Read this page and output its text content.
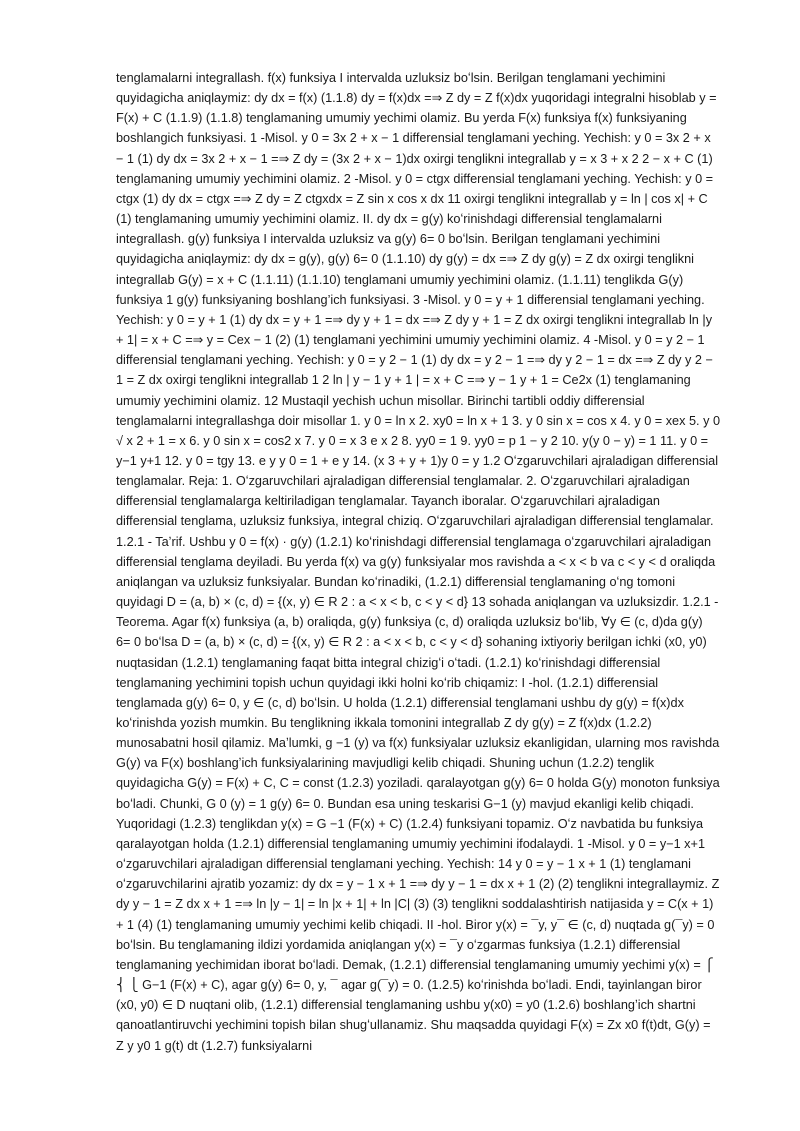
tenglamalarni integrallash. f(x) funksiya I intervalda uzluksiz boʻlsin. Berilgan tenglamani yechimini quyidagicha aniqlaymiz: dy dx = f(x) (1.1.8) dy = f(x)dx =⇒ Z dy = Z f(x)dx yuqoridagi integralni hisoblab y = F(x) + C (1.1.9) (1.1.8) tenglamaning umumiy yechimi olamiz. Bu yerda F(x) funksiya f(x) funksiyaning boshlangich funksiyasi. 1 -Misol. y 0 = 3x 2 + x − 1 differensial tenglamani yeching. Yechish: y 0 = 3x 2 + x − 1 (1) dy dx = 3x 2 + x − 1 =⇒ Z dy = (3x 2 + x − 1)dx oxirgi tenglikni integrallab y = x 3 + x 2 2 − x + C (1) tenglamaning umumiy yechimini olamiz. 2 -Misol. y 0 = ctgx differensial tenglamani yeching. Yechish: y 0 = ctgx (1) dy dx = ctgx =⇒ Z dy = Z ctgxdx = Z sin x cos x dx 11 oxirgi tenglikni integrallab y = ln | cos x| + C (1) tenglamaning umumiy yechimini olamiz. II. dy dx = g(y) koʻrinishdagi differensial tenglamalarni integrallash. g(y) funksiya I intervalda uzluksiz va g(y) 6= 0 boʻlsin. Berilgan tenglamani yechimini quyidagicha aniqlaymiz: dy dx = g(y), g(y) 6= 0 (1.1.10) dy g(y) = dx =⇒ Z dy g(y) = Z dx oxirgi tenglikni integrallab G(y) = x + C (1.1.11) (1.1.10) tenglamani umumiy yechimini olamiz. (1.1.11) tenglikda G(y) funksiya 1 g(y) funksiyaning boshlang’ich funksiyasi. 3 -Misol. y 0 = y + 1 differensial tenglamani yeching. Yechish: y 0 = y + 1 (1) dy dx = y + 1 =⇒ dy y + 1 = dx =⇒ Z dy y + 1 = Z dx oxirgi tenglikni integrallab ln |y + 1| = x + C =⇒ y = Cex − 1 (2) (1) tenglamani yechimini umumiy yechimini olamiz. 4 -Misol. y 0 = y 2 − 1 differensial tenglamani yeching. Yechish: y 0 = y 2 − 1 (1) dy dx = y 2 − 1 =⇒ dy y 2 − 1 = dx =⇒ Z dy y 2 − 1 = Z dx oxirgi tenglikni integrallab 1 2 ln | y − 1 y + 1 | = x + C =⇒ y − 1 y + 1 = Ce2x (1) tenglamaning umumiy yechimini olamiz. 12 Mustaqil yechish uchun misollar. Birinchi tartibli oddiy differensial tenglamalarni integrallashga doir misollar 1. y 0 = ln x 2. xy0 = ln x + 1 3. y 0 sin x = cos x 4. y 0 = xex 5. y 0 √ x 2 + 1 = x 6. y 0 sin x = cos2 x 7. y 0 = x 3 e x 2 8. yy0 = 1 9. yy0 = p 1 − y 2 10. y(y 0 − y) = 1 11. y 0 = y−1 y+1 12. y 0 = tgy 13. e y y 0 = 1 + e y 14. (x 3 + y + 1)y 0 = y 1.2 Oʻzgaruvchilari ajraladigan differensial tenglamalar. Reja: 1. Oʻzgaruvchilari ajraladigan differensial tenglamalar. 2. Oʻzgaruvchilari ajraladigan differensial tenglamalarga keltiriladigan tenglamalar. Tayanch iboralar. Oʻzgaruvchilari ajraladigan differensial tenglama, uzluksiz funksiya, integral chiziq. Oʻzgaruvchilari ajraladigan differensial tenglamalar. 1.2.1 - Taʼrif. Ushbu y 0 = f(x) · g(y) (1.2.1) koʻrinishdagi differensial tenglamaga oʻzgaruvchilari ajraladigan differensial tenglama deyiladi. Bu yerda f(x) va g(y) funksiyalar mos ravishda a < x < b va c < y < d oraliqda aniqlangan va uzluksiz funksiyalar. Bundan koʻrinadiki, (1.2.1) differensial tenglamaning oʻng tomoni quyidagi D = (a, b) × (c, d) = {(x, y) ∈ R 2 : a < x < b, c < y < d} 13 sohada aniqlangan va uzluksizdir. 1.2.1 - Teorema. Agar f(x) funksiya (a, b) oraliqda, g(y) funksiya (c, d) oraliqda uzluksiz boʻlib, ∀y ∈ (c, d)da g(y) 6= 0 boʻlsa D = (a, b) × (c, d) = {(x, y) ∈ R 2 : a < x < b, c < y < d} sohaning ixtiyoriy berilgan ichki (x0, y0) nuqtasidan (1.2.1) tenglamaning faqat bitta integral chizigʻi oʻtadi. (1.2.1) koʻrinishdagi differensial tenglamaning yechimini topish uchun quyidagi ikki holni koʻrib chiqamiz: I -hol. (1.2.1) differensial tenglamada g(y) 6= 0, y ∈ (c, d) boʻlsin. U holda (1.2.1) differensial tenglamani ushbu dy g(y) = f(x)dx koʻrinishda yozish mumkin. Bu tenglikning ikkala tomonini integrallab Z dy g(y) = Z f(x)dx (1.2.2) munosabatni hosil qilamiz. Maʼlumki, g −1 (y) va f(x) funksiyalar uzluksiz ekanligidan, ularning mos ravishda G(y) va F(x) boshlangʼich funksiyalarining mavjudligi kelib chiqadi. Shuning uchun (1.2.2) tenglik quyidagicha G(y) = F(x) + C, C = const (1.2.3) yoziladi. qaralayotgan g(y) 6= 0 holda G(y) monoton funksiya boʻladi. Chunki, G 0 (y) = 1 g(y) 6= 0. Bundan esa uning teskarisi G−1 (y) mavjud ekanligi kelib chiqadi. Yuqoridagi (1.2.3) tenglikdan y(x) = G −1 (F(x) + C) (1.2.4) funksiyani topamiz. Oʻz navbatida bu funksiya qaralayotgan holda (1.2.1) differensial tenglamaning umumiy yechimini ifodalaydi. 1 -Misol. y 0 = y−1 x+1 oʻzgaruvchilari ajraladigan differensial tenglamani yeching. Yechish: 14 y 0 = y − 1 x + 1 (1) tenglamani oʻzgaruvchilarini ajratib yozamiz: dy dx = y − 1 x + 1 =⇒ dy y − 1 = dx x + 1 (2) (2) tenglikni integrallaymiz. Z dy y − 1 = Z dx x + 1 =⇒ ln |y − 1| = ln |x + 1| + ln |C| (3) (3) tenglikni soddalashtirish natijasida y = C(x + 1) + 1 (4) (1) tenglamaning umumiy yechimi kelib chiqadi. II -hol. Biror y(x) = ¯y, y¯ ∈ (c, d) nuqtada g(¯y) = 0 boʻlsin. Bu tenglamaning ildizi yordamida aniqlangan y(x) = ¯y oʻzgarmas funksiya (1.2.1) differensial tenglamaning yechimidan iborat boʻladi. Demak, (1.2.1) differensial tenglamaning umumiy yechimi y(x) = ⎧ ⎨ ⎩ G−1 (F(x) + C), agar g(y) 6= 0, y, ¯ agar g(¯y) = 0. (1.2.5) koʻrinishda boʻladi. Endi, tayinlangan biror (x0, y0) ∈ D nuqtani olib, (1.2.1) differensial tenglamaning ushbu y(x0) = y0 (1.2.6) boshlangʼich shartni qanoatlantiruvchi yechimini topish bilan shugʻullanamiz. Shu maqsadda quyidagi F(x) = Zx x0 f(t)dt, G(y) = Z y y0 1 g(t) dt (1.2.7) funksiyalarni
